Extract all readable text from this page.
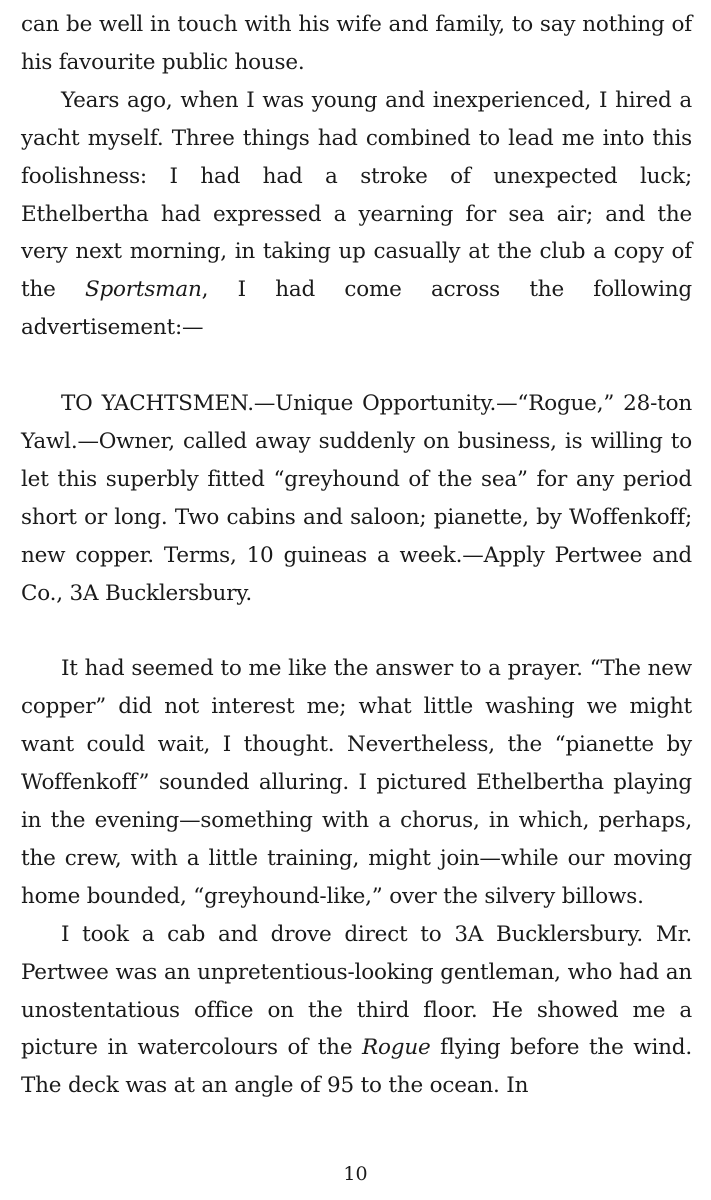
can be well in touch with his wife and family, to say nothing of his favourite public house.

Years ago, when I was young and inexperienced, I hired a yacht myself. Three things had combined to lead me into this foolishness: I had had a stroke of unexpected luck; Ethelbertha had expressed a yearning for sea air; and the very next morning, in taking up casually at the club a copy of the Sportsman, I had come across the following advertisement:—

TO YACHTSMEN.—Unique Opportunity.—“Rogue,” 28-ton Yawl.—Owner, called away suddenly on business, is willing to let this superbly fitted “greyhound of the sea” for any period short or long. Two cabins and saloon; pianette, by Woffenkoff; new copper. Terms, 10 guineas a week.—Apply Pertwee and Co., 3A Bucklersbury.

It had seemed to me like the answer to a prayer. “The new copper” did not interest me; what little washing we might want could wait, I thought. Nevertheless, the “pianette by Woffenkoff” sounded alluring. I pictured Ethelbertha playing in the evening—something with a chorus, in which, perhaps, the crew, with a little training, might join—while our moving home bounded, “greyhound-like,” over the silvery billows.

I took a cab and drove direct to 3A Bucklersbury. Mr. Pertwee was an unpretentious-looking gentleman, who had an unostentatious office on the third floor. He showed me a picture in watercolours of the Rogue flying before the wind. The deck was at an angle of 95 to the ocean. In

10
